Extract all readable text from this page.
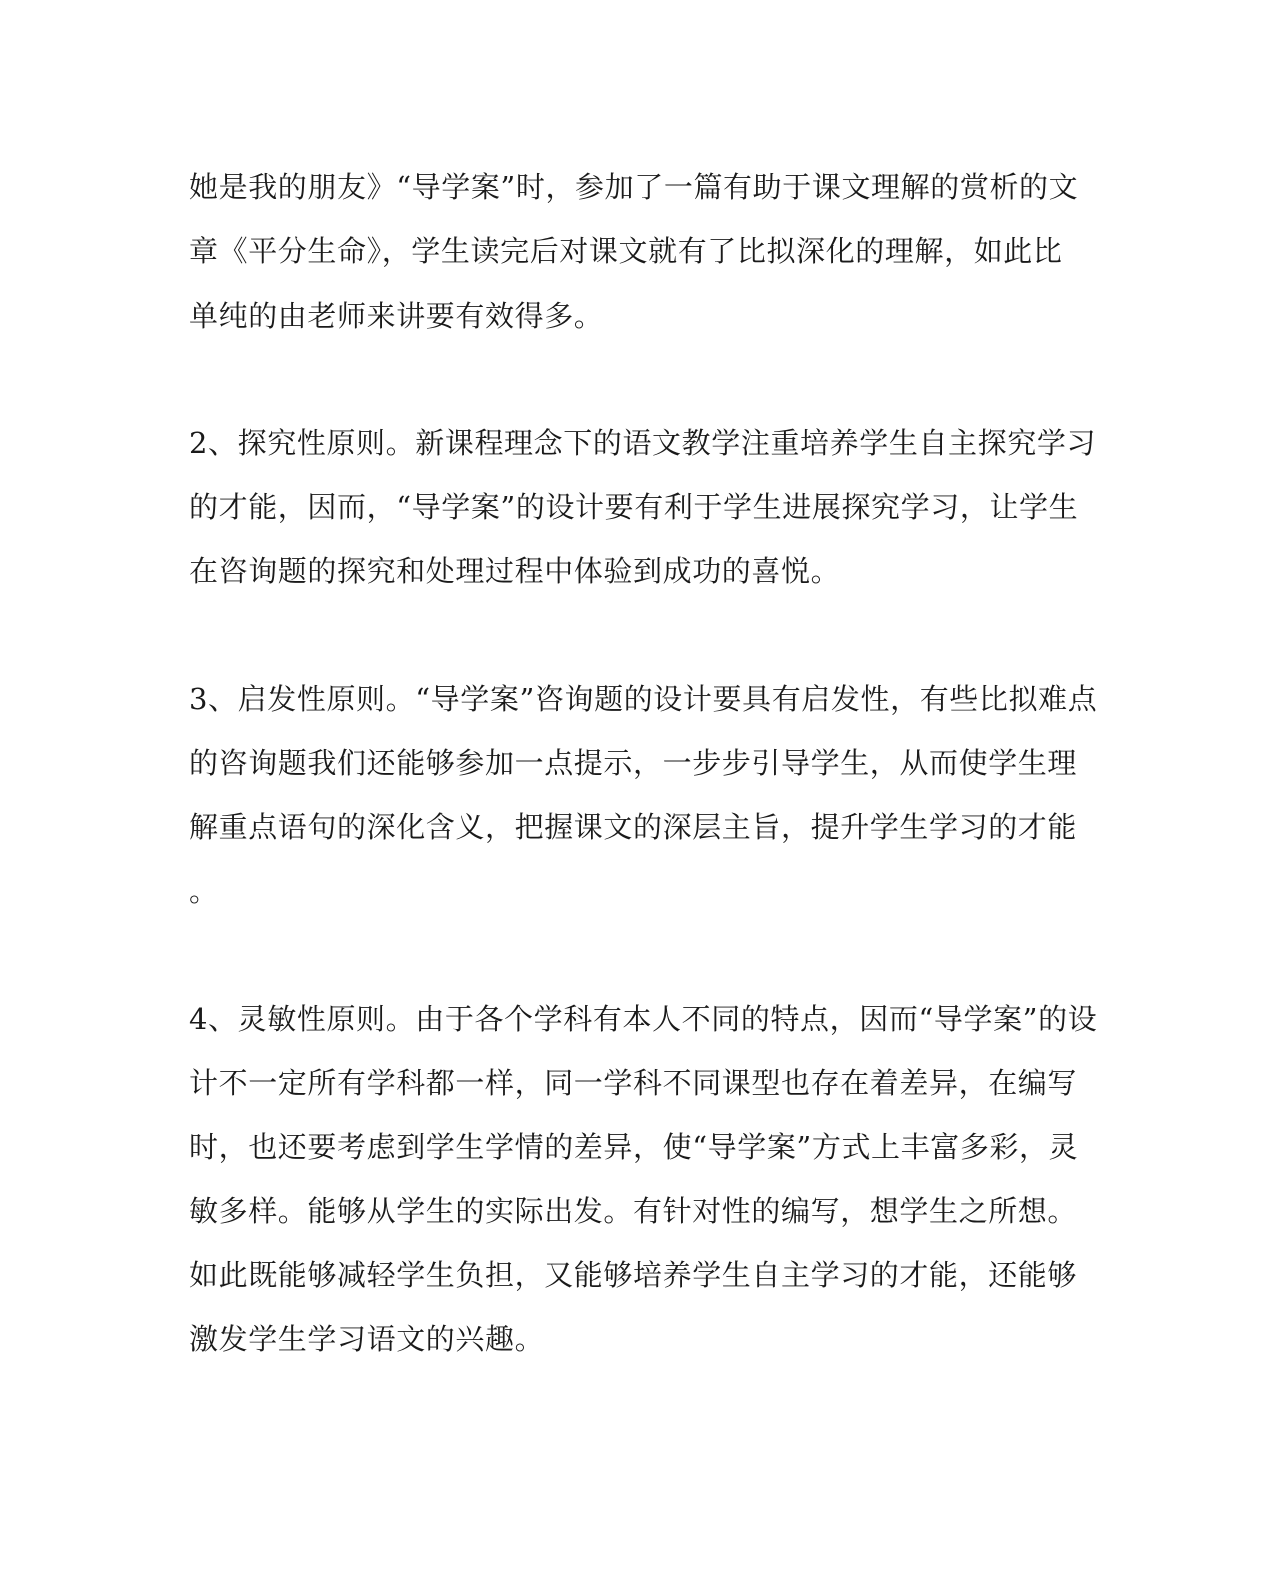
她是我的朋友》“导学案”时，参加了一篇有助于课文理解的赏析的文
章《平分生命》，学生读完后对课文就有了比拟深化的理解，如此比
单纯的由老师来讲要有效得多。
2、探究性原则。新课程理念下的语文教学注重培养学生自主探究学习
的才能，因而，“导学案”的设计要有利于学生进展探究学习，让学生
在咨询题的探究和处理过程中体验到成功的喜悦。
3、启发性原则。“导学案”咨询题的设计要具有启发性，有些比拟难点
的咨询题我们还能够参加一点提示，一步步引导学生，从而使学生理
解重点语句的深化含义，把握课文的深层主旨，提升学生学习的才能
。
4、灵敏性原则。由于各个学科有本人不同的特点，因而“导学案”的设
计不一定所有学科都一样，同一学科不同课型也存在着差异，在编写
时，也还要考虑到学生学情的差异，使“导学案”方式上丰富多彩，灵
敏多样。能够从学生的实际出发。有针对性的编写，想学生之所想。
如此既能够减轻学生负担，又能够培养学生自主学习的才能，还能够
激发学生学习语文的兴趣。
